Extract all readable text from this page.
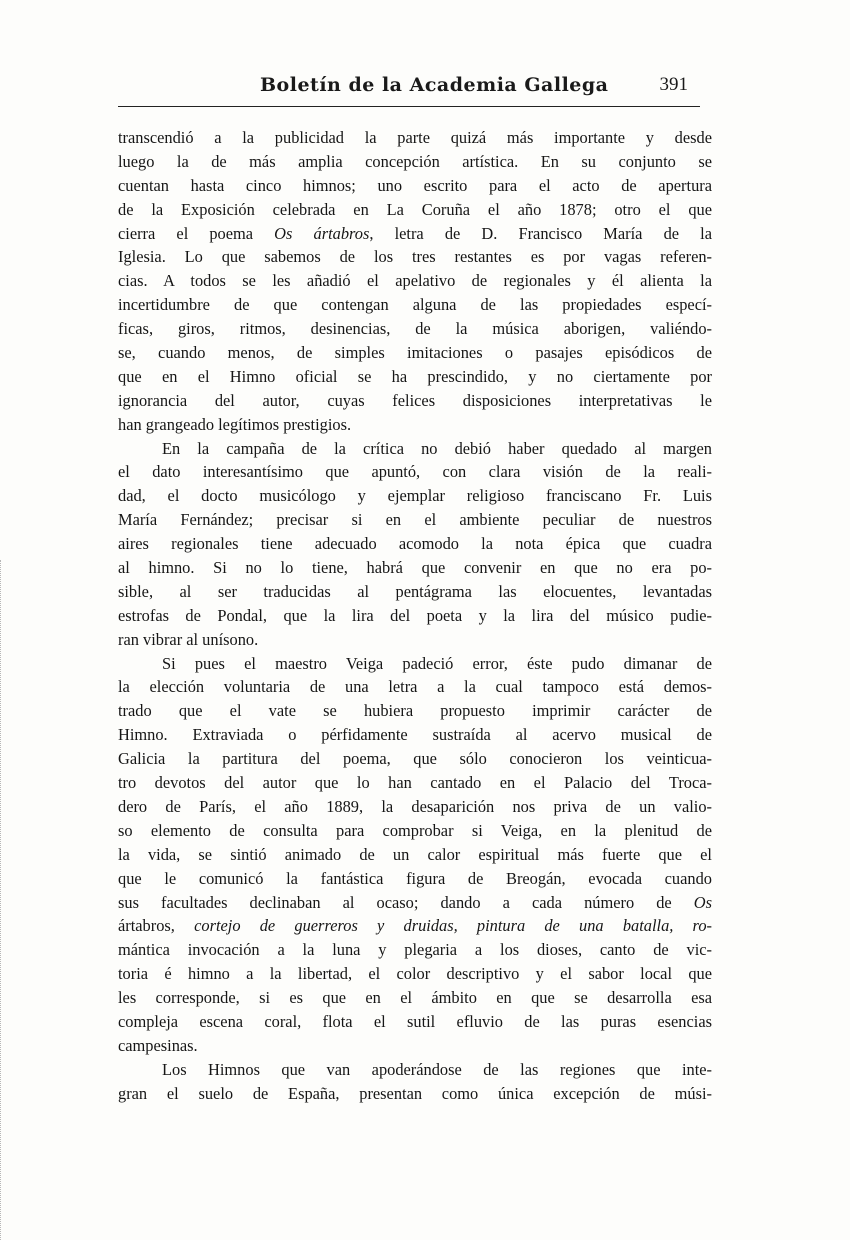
Boletín de la Academia Gallega	391
transcendió a la publicidad la parte quizá más importante y desde
luego la de más amplia concepción artística. En su conjunto se
cuentan hasta cinco himnos; uno escrito para el acto de apertura
de la Exposición celebrada en La Coruña el año 1878; otro el que
cierra el poema Os ártabros, letra de D. Francisco María de la
Iglesia. Lo que sabemos de los tres restantes es por vagas referen-
cias. A todos se les añadió el apelativo de regionales y él alienta la
incertidumbre de que contengan alguna de las propiedades especí-
ficas, giros, ritmos, desinencias, de la música aborigen, valiéndo-
se, cuando menos, de simples imitaciones o pasajes episódicos de
que en el Himno oficial se ha prescindido, y no ciertamente por
ignorancia del autor, cuyas felices disposiciones interpretativas le
han grangeado legítimos prestigios.
En la campaña de la crítica no debió haber quedado al margen
el dato interesantísimo que apuntó, con clara visión de la reali-
dad, el docto musicólogo y ejemplar religioso franciscano Fr. Luis
María Fernández; precisar si en el ambiente peculiar de nuestros
aires regionales tiene adecuado acomodo la nota épica que cuadra
al himno. Si no lo tiene, habrá que convenir en que no era po-
sible, al ser traducidas al pentágrama las elocuentes, levantadas
estrofas de Pondal, que la lira del poeta y la lira del músico pudie-
ran vibrar al unísono.
Si pues el maestro Veiga padeció error, éste pudo dimanar de
la elección voluntaria de una letra a la cual tampoco está demos-
trado que el vate se hubiera propuesto imprimir carácter de
Himno. Extraviada o pérfidamente sustraída al acervo musical de
Galicia la partitura del poema, que sólo conocieron los veinticua-
tro devotos del autor que lo han cantado en el Palacio del Troca-
dero de París, el año 1889, la desaparición nos priva de un valio-
so elemento de consulta para comprobar si Veiga, en la plenitud de
la vida, se sintió animado de un calor espiritual más fuerte que el
que le comunicó la fantástica figura de Breogán, evocada cuando
sus facultades declinaban al ocaso; dando a cada número de Os
ártabros, cortejo de guerreros y druidas, pintura de una batalla, ro-
mántica invocación a la luna y plegaria a los dioses, canto de vic-
toria é himno a la libertad, el color descriptivo y el sabor local que
les corresponde, si es que en el ámbito en que se desarrolla esa
compleja escena coral, flota el sutil efluvio de las puras esencias
campesinas.
Los Himnos que van apoderándose de las regiones que inte-
gran el suelo de España, presentan como única excepción de músi-
